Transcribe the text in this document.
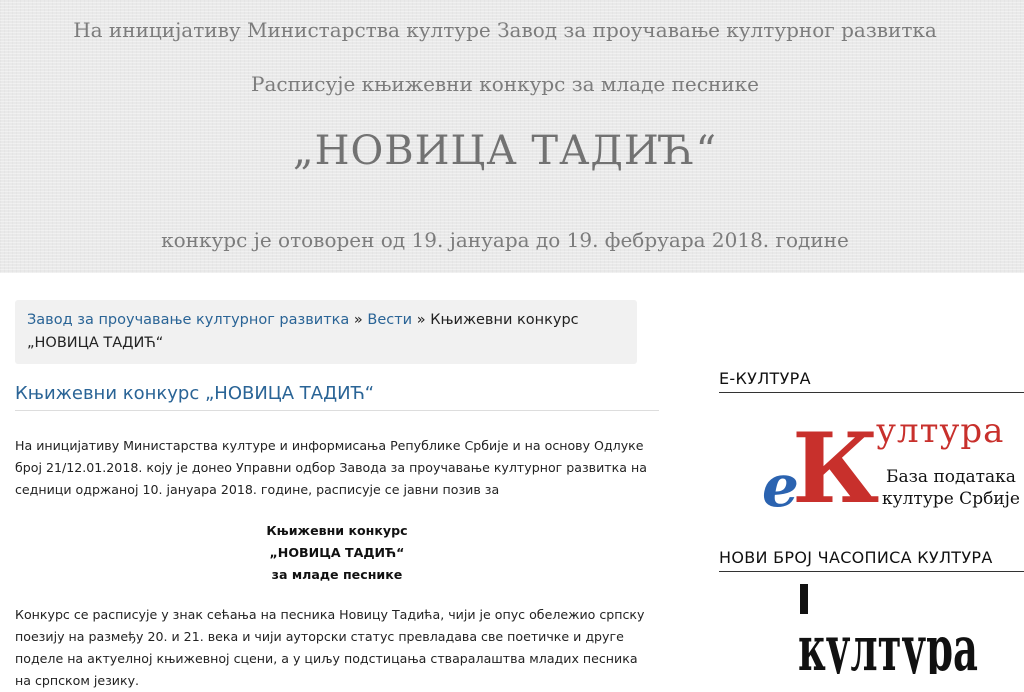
На иницијативу Министарства културе Завод за проучавање културног развитка
Расписује књижевни конкурс за младе песнике
„НОВИЦА ТАДИЋ“
конкурс је отоворен од 19. јануара до 19. фебруара 2018. године
Завод за проучавање културног развитка » Вести » Књижевни конкурс „НОВИЦА ТАДИЋ“
Књижевни конкурс „НОВИЦА ТАДИЋ“

На иницијативу Министарства културе и информисања Републике Србије и на основу Одлуке број 21/12.01.2018. коју је донео Управни одбор Завода за проучавање културног развитка на седници одржаној 10. јануара 2018. године, расписује се јавни позив за

Књижевни конкурс
„НОВИЦА ТАДИЋ“
за младе песнике

Конкурс се расписује у знак сећања на песника Новицу Тадића, чији је опус обележио српску поезију на размеђу 20. и 21. века и чији ауторски статус превладава све поетичке и друге поделе на актуелној књижевној сцени, а у циљу подстицања стваралаштва младих песника на српском језику.

Е-КУЛТУРА
e
К
ултура
База података
културе Србије
НОВИ БРОЈ ЧАСОПИСА КУЛТУРА
култура
